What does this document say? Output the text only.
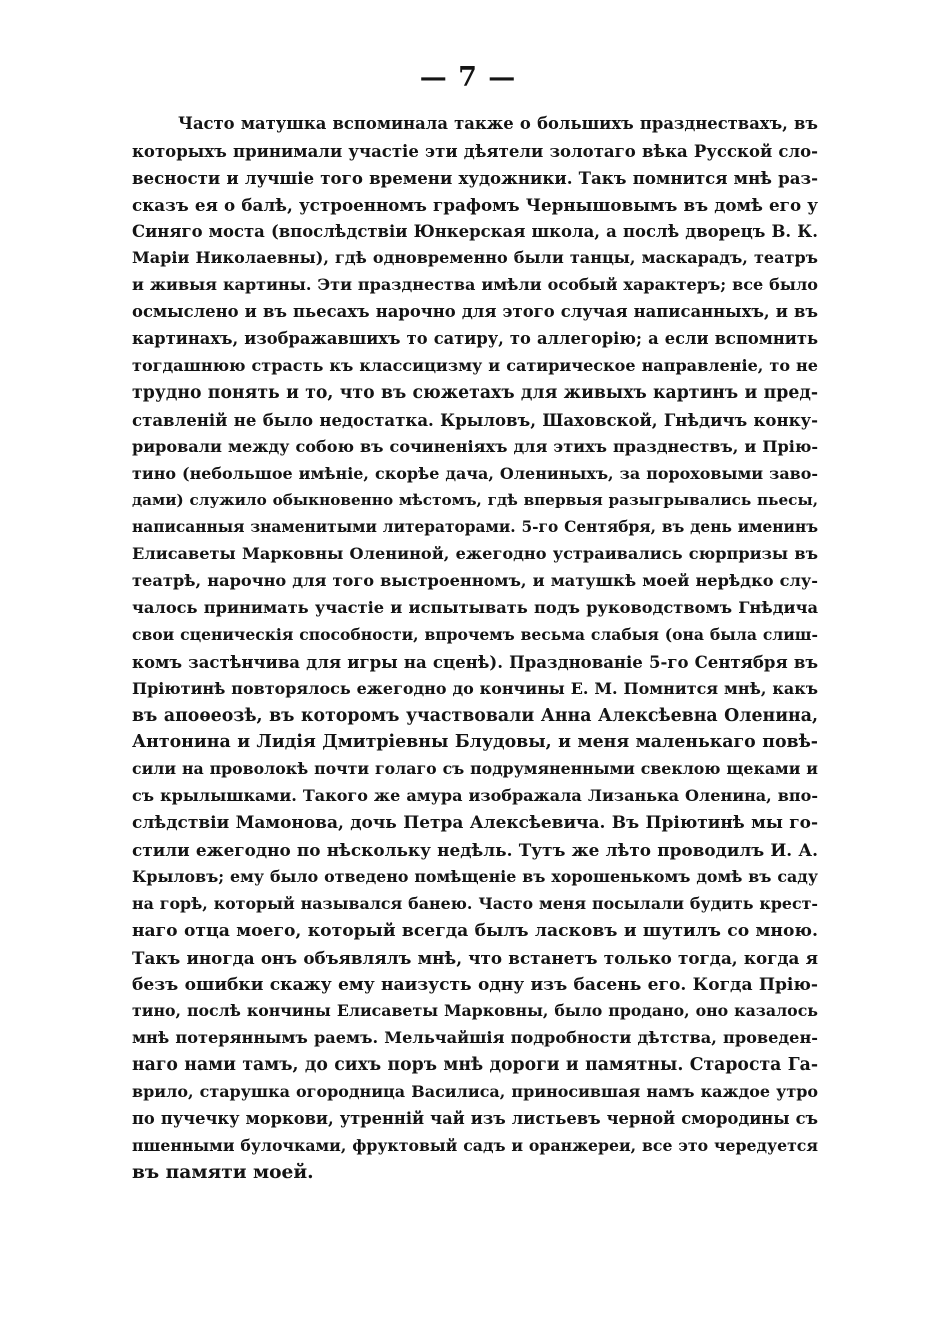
— 7 —
Часто матушка вспоминала также о большихъ празднествахъ, въ
которыхъ принимали участіе эти дѣятели золотаго вѣка Русской сло-
весности и лучшіе того времени художники. Такъ помнится мнѣ раз-
сказъ ея о балѣ, устроенномъ графомъ Чернышовымъ въ домѣ его у
Синяго моста (впослѣдствіи Юнкерская школа, а послѣ дворецъ В. К.
Маріи Николаевны), гдѣ одновременно были танцы, маскарадъ, театръ
и живыя картины. Эти празднества имѣли особый характеръ; все было
осмыслено и въ пьесахъ нарочно для этого случая написанныхъ, и въ
картинахъ, изображавшихъ то сатиру, то аллегорію; а если вспомнить
тогдашнюю страсть къ классицизму и сатирическое направленіе, то не
трудно понять и то, что въ сюжетахъ для живыхъ картинъ и пред-
ставленій не было недостатка. Крыловъ, Шаховской, Гнѣдичъ конку-
рировали между собою въ сочиненіяхъ для этихъ празднествъ, и Прію-
тино (небольшое имѣніе, скорѣе дача, Олениныхъ, за пороховыми заво-
дами) служило обыкновенно мѣстомъ, гдѣ впервыя разыгрывались пьесы,
написанныя знаменитыми литераторами. 5-го Сентября, въ день имeнинъ
Елисаветы Марковны Олениной, ежегодно устраивались сюрпризы въ
театрѣ, нарочно для того выстроенномъ, и матушкѣ моей нерѣдко слу-
чалось принимать участіе и испытывать подъ руководствомъ Гнѣдича
свои сценическія способности, впрочемъ весьма слабыя (она была слиш-
комъ застѣнчива для игры на сценѣ). Празднованіе 5-го Сентября въ
Пріютинѣ повторялось ежегодно до кончины Е. М. Помнится мнѣ, какъ
въ апоѳеозѣ, въ которомъ участвовали Анна Алексѣевна Оленина,
Антонина и Лидія Дмитріевны Блудовы, и меня маленькаго повѣ-
сили на проволокѣ почти голаго съ подрумяненными свеклою щеками и
съ крылышками. Такого же амура изображала Лизанька Оленина, впо-
слѣдствіи Мамонова, дочь Петра Алексѣевича. Въ Пріютинѣ мы го-
стили ежегодно по нѣскольку недѣль. Тутъ же лѣто проводилъ И. А.
Крыловъ; ему было отведено помѣщеніе въ хорошенькомъ домѣ въ саду
на горѣ, который назывался банею. Часто меня посылали будить крест-
наго отца моего, который всегда былъ ласковъ и шутилъ со мною.
Такъ иногда онъ объявлялъ мнѣ, что встанетъ только тогда, когда я
безъ ошибки скажу ему наизусть одну изъ басень его. Когда Прію-
тино, послѣ кончины Елисаветы Марковны, было продано, оно казалось
мнѣ потеряннымъ раемъ. Мельчайшія подробности дѣтства, проведен-
наго нами тамъ, до сихъ поръ мнѣ дороги и памятны. Староста Га-
врило, старушка огородница Василиса, приносившая намъ каждое утро
по пучечку моркови, утренній чай изъ листьевъ черной смородины съ
пшенными булочками, фруктовый садъ и оранжереи, все это чередуется
въ памяти моей.
